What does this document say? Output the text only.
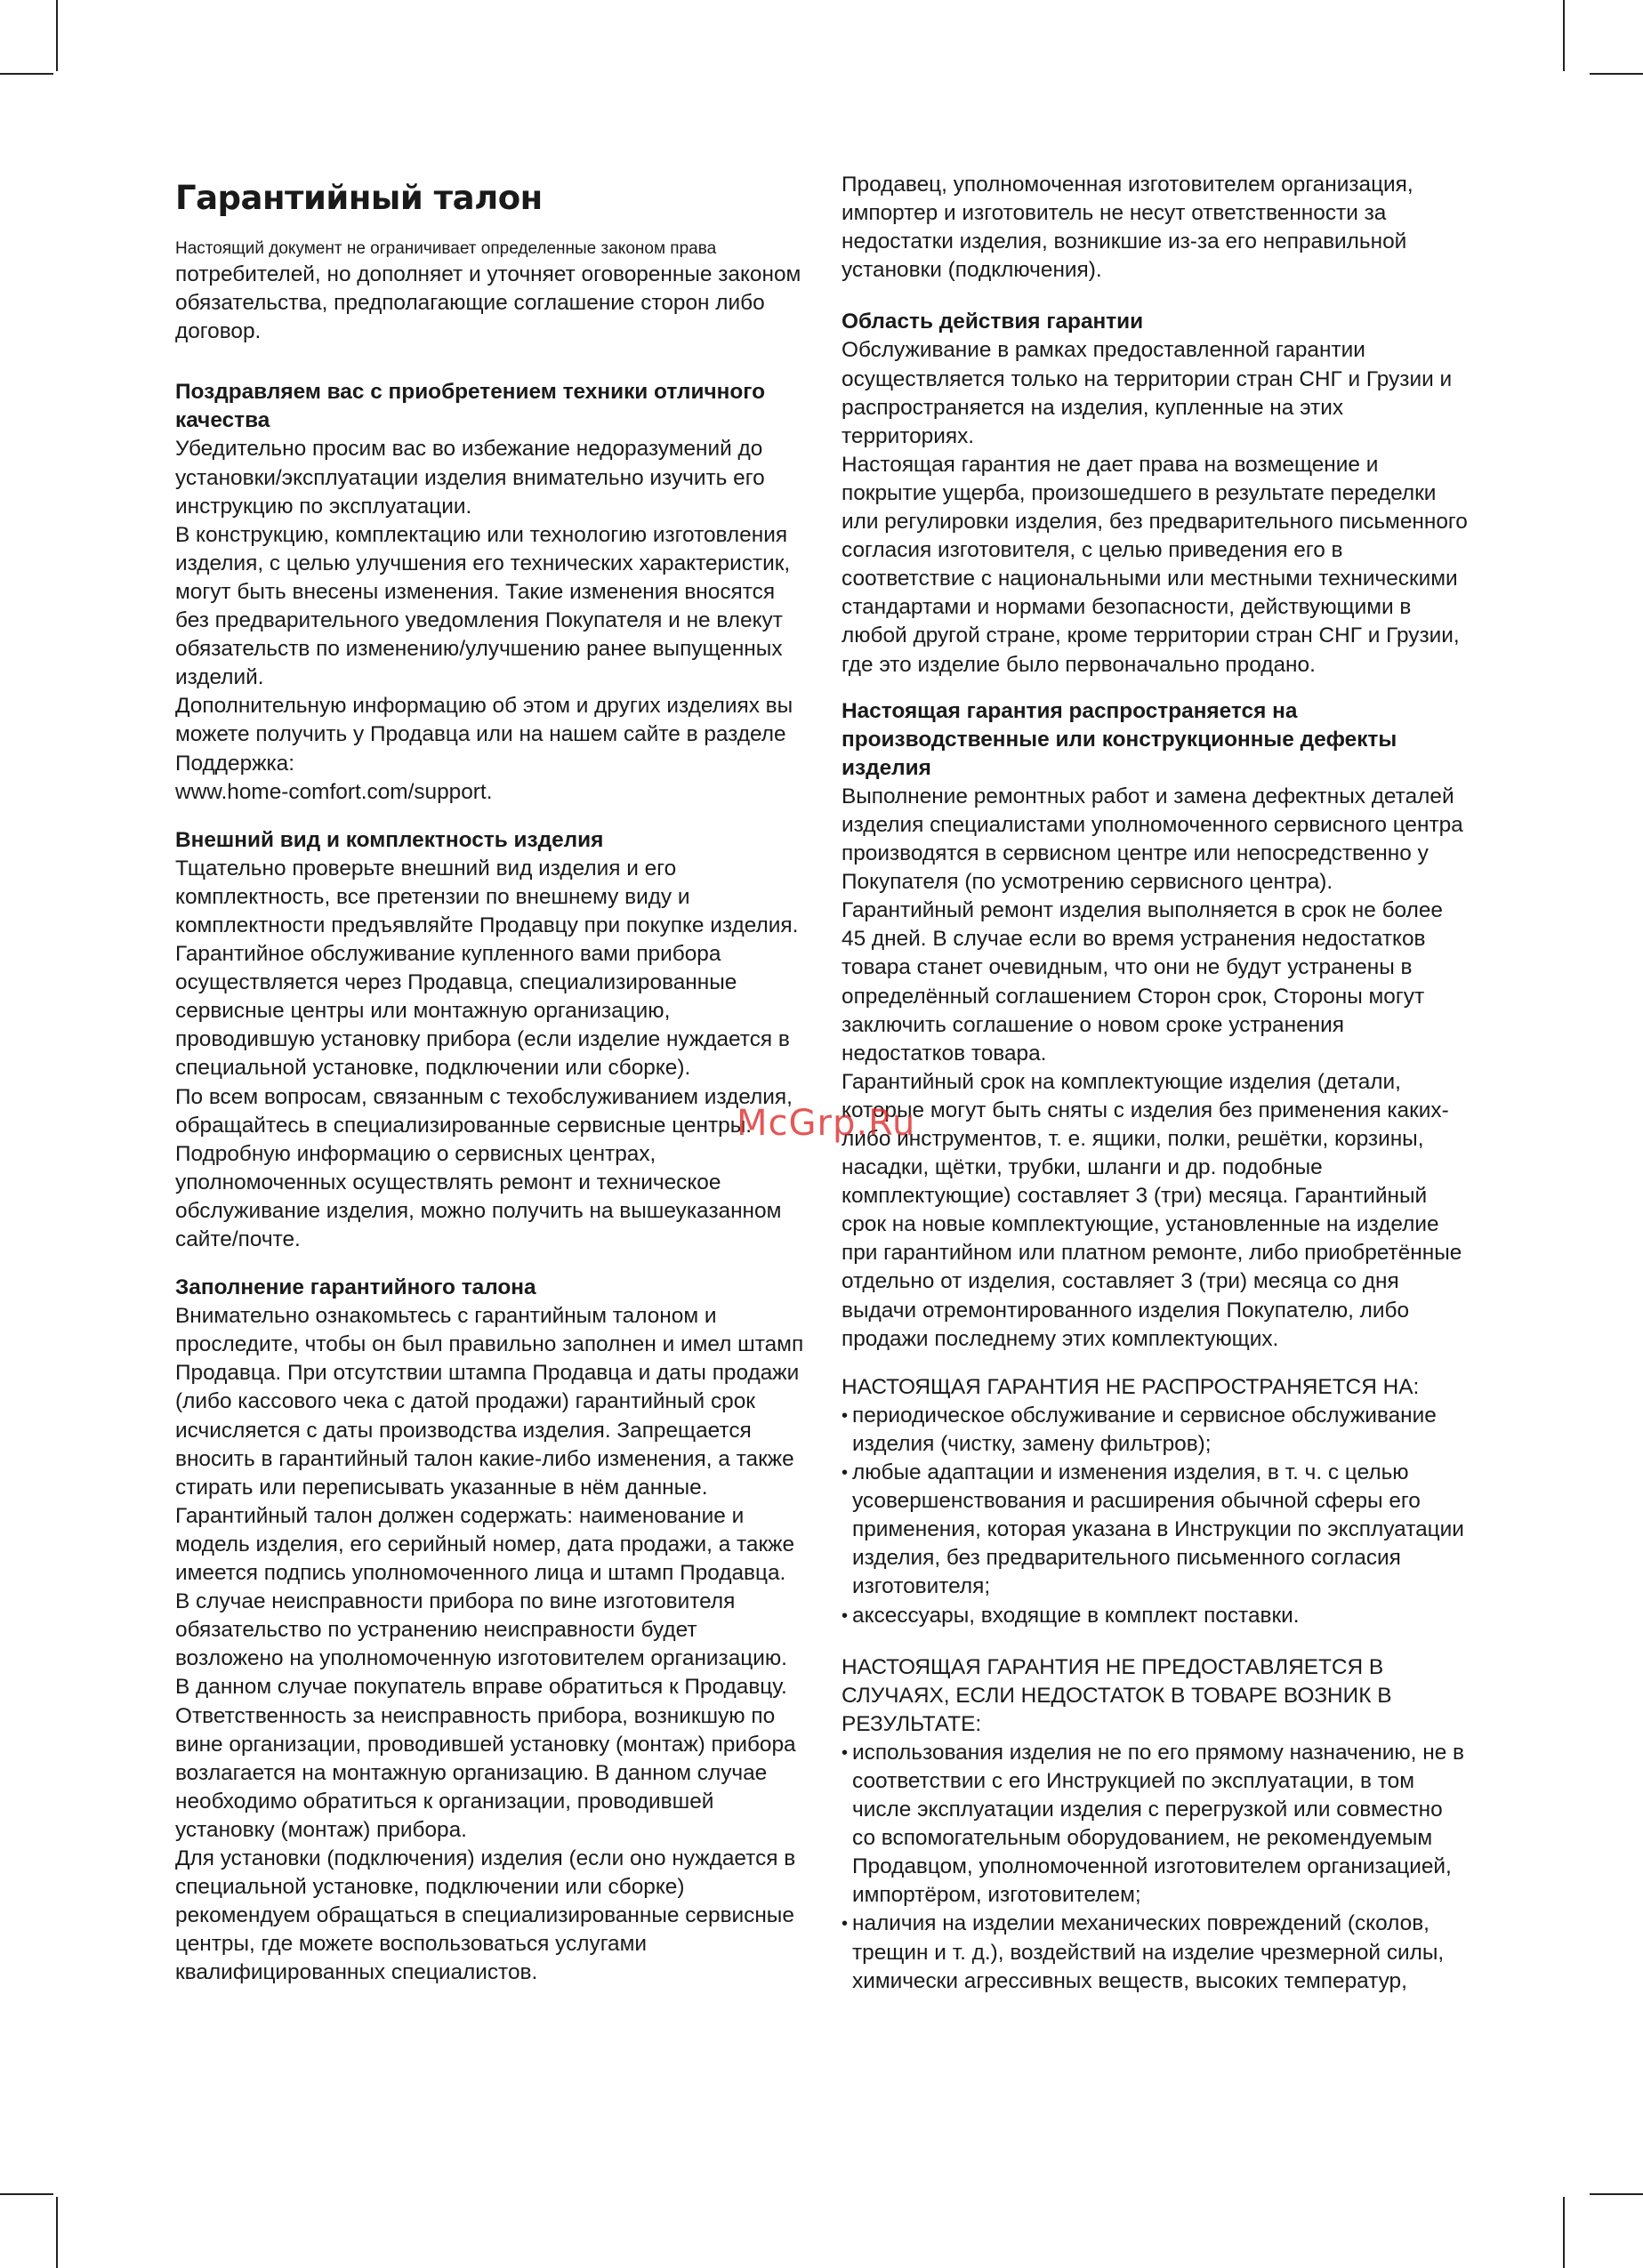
Гарантийный талон

Настоящий документ не ограничивает определенные законом права

потребителей, но дополняет и уточняет оговоренные законом обязательства, предполагающие соглашение сторон либо договор.

Поздравляем вас с приобретением техники отличного качества

Убедительно просим вас во избежание недоразумений до установки/эксплуатации изделия внимательно изучить его инструкцию по эксплуатации.

В конструкцию, комплектацию или технологию изготовления изделия, с целью улучшения его технических характеристик, могут быть внесены изменения. Такие изменения вносятся без предварительного уведомления Покупателя и не влекут обязательств по изменению/улучшению ранее выпущенных изделий.

Дополнительную информацию об этом и других изделиях вы можете получить у Продавца или на нашем сайте в разделе Поддержка:

www.home-comfort.com/support.

Внешний вид и комплектность изделия

Тщательно проверьте внешний вид изделия и его комплектность, все претензии по внешнему виду и комплектности предъявляйте Продавцу при покупке изделия. Гарантийное обслуживание купленного вами прибора осуществляется через Продавца, специализированные сервисные центры или монтажную организацию, проводившую установку прибора (если изделие нуждается в специальной установке, подключении или сборке).

По всем вопросам, связанным с техобслуживанием изделия, обращайтесь в специализированные сервисные центры. Подробную информацию о сервисных центрах, уполномоченных осуществлять ремонт и техническое обслуживание изделия, можно получить на вышеуказанном сайте/почте.

Заполнение гарантийного талона

Внимательно ознакомьтесь с гарантийным талоном и проследите, чтобы он был правильно заполнен и имел штамп Продавца. При отсутствии штампа Продавца и даты продажи (либо кассового чека с датой продажи) гарантийный срок исчисляется с даты производства изделия. Запрещается вносить в гарантийный талон какие-либо изменения, а также стирать или переписывать указанные в нём данные. Гарантийный талон должен содержать: наименование и модель изделия, его серийный номер, дата продажи, а также имеется подпись уполномоченного лица и штамп Продавца.

В случае неисправности прибора по вине изготовителя обязательство по устранению неисправности будет возложено на уполномоченную изготовителем организацию. В данном случае покупатель вправе обратиться к Продавцу.

Ответственность за неисправность прибора, возникшую по вине организации, проводившей установку (монтаж) прибора возлагается на монтажную организацию. В данном случае необходимо обратиться к организации, проводившей установку (монтаж) прибора.

Для установки (подключения) изделия (если оно нуждается в специальной установке, подключении или сборке) рекомендуем обращаться в специализированные сервисные центры, где можете воспользоваться услугами квалифицированных специалистов.

Продавец, уполномоченная изготовителем организация, импортер и изготовитель не несут ответственности за недостатки изделия, возникшие из-за его неправильной установки (подключения).

Область действия гарантии

Обслуживание в рамках предоставленной гарантии осуществляется только на территории стран СНГ и Грузии и распространяется на изделия, купленные на этих территориях.

Настоящая гарантия не дает права на возмещение и покрытие ущерба, произошедшего в результате переделки или регулировки изделия, без предварительного письменного согласия изготовителя, с целью приведения его в соответствие с национальными или местными техническими стандартами и нормами безопасности, действующими в любой другой стране, кроме территории стран СНГ и Грузии, где это изделие было первоначально продано.

Настоящая гарантия распространяется на производственные или конструкционные дефекты изделия

Выполнение ремонтных работ и замена дефектных деталей изделия специалистами уполномоченного сервисного центра производятся в сервисном центре или непосредственно у Покупателя (по усмотрению сервисного центра). Гарантийный ремонт изделия выполняется в срок не более 45 дней. В случае если во время устранения недостатков товара станет очевидным, что они не будут устранены в определённый соглашением Сторон срок, Стороны могут заключить соглашение о новом сроке устранения недостатков товара.

Гарантийный срок на комплектующие изделия (детали, которые могут быть сняты с изделия без применения каких-либо инструментов, т. е. ящики, полки, решётки, корзины, насадки, щётки, трубки, шланги и др. подобные комплектующие) составляет 3 (три) месяца. Гарантийный срок на новые комплектующие, установленные на изделие при гарантийном или платном ремонте, либо приобретённые отдельно от изделия, составляет 3 (три) месяца со дня выдачи отремонтированного изделия Покупателю, либо продажи последнему этих комплектующих.

НАСТОЯЩАЯ ГАРАНТИЯ НЕ РАСПРОСТРАНЯЕТСЯ НА:

• периодическое обслуживание и сервисное обслуживание изделия (чистку, замену фильтров);
• любые адаптации и изменения изделия, в т. ч. с целью усовершенствования и расширения обычной сферы его применения, которая указана в Инструкции по эксплуатации изделия, без предварительного письменного согласия изготовителя;
• аксессуары, входящие в комплект поставки.

НАСТОЯЩАЯ ГАРАНТИЯ НЕ ПРЕДОСТАВЛЯЕТСЯ В СЛУЧАЯХ, ЕСЛИ НЕДОСТАТОК В ТОВАРЕ ВОЗНИК В РЕЗУЛЬТАТЕ:

• использования изделия не по его прямому назначению, не в соответствии с его Инструкцией по эксплуатации, в том числе эксплуатации изделия с перегрузкой или совместно со вспомогательным оборудованием, не рекомендуемым Продавцом, уполномоченной изготовителем организацией, импортёром, изготовителем;
• наличия на изделии механических повреждений (сколов, трещин и т. д.), воздействий на изделие чрезмерной силы, химически агрессивных веществ, высоких температур,
McGrp.Ru
